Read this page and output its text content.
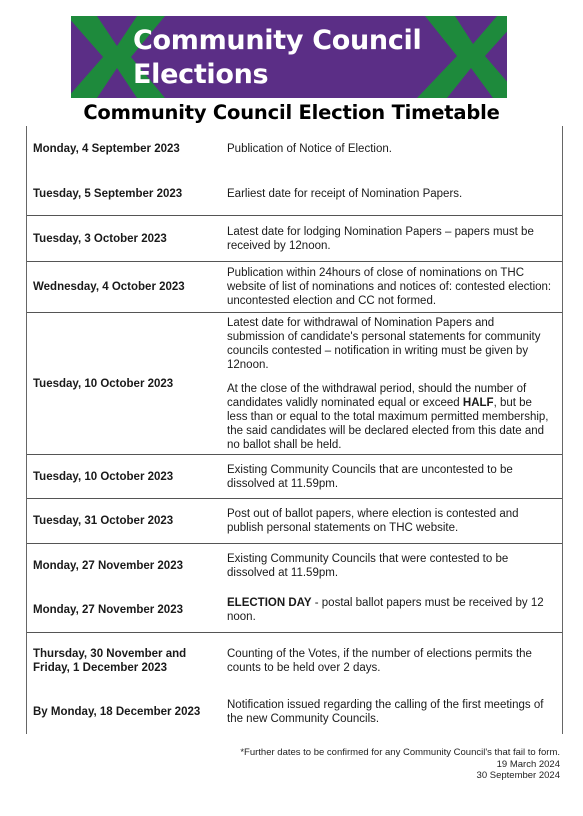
Community Council
Elections
Community Council Election Timetable
Monday, 4 September 2023	Publication of Notice of Election.

Tuesday, 5 September 2023	Earliest date for receipt of Nomination Papers.

Tuesday, 3 October 2023

Latest date for lodging Nomination Papers – papers must be received by 12noon.

Wednesday, 4 October 2023

Publication within 24hours of close of nominations on THC website of list of nominations and notices of: contested election: uncontested election and CC not formed.

Tuesday, 10 October 2023

Latest date for withdrawal of Nomination Papers and submission of candidate's personal statements for community councils contested – notification in writing must be given by 12noon.

At the close of the withdrawal period, should the number of candidates validly nominated equal or exceed HALF, but be less than or equal to the total maximum permitted membership, the said candidates will be declared elected from this date and no ballot shall be held.

Tuesday, 10 October 2023

Existing Community Councils that are uncontested to be dissolved at 11.59pm.

Tuesday, 31 October 2023

Post out of ballot papers, where election is contested and publish personal statements on THC website.

Monday, 27 November 2023

Existing Community Councils that were contested to be dissolved at 11.59pm.

Monday, 27 November 2023

ELECTION DAY - postal ballot papers must be received by 12 noon.

Thursday, 30 November and
Friday, 1 December 2023

Counting of the Votes, if the number of elections permits the counts to be held over 2 days.

By Monday, 18 December 2023

Notification issued regarding the calling of the first meetings of the new Community Councils.

*Further dates to be confirmed for any Community Council's that fail to form.
19 March 2024
30 September 2024
